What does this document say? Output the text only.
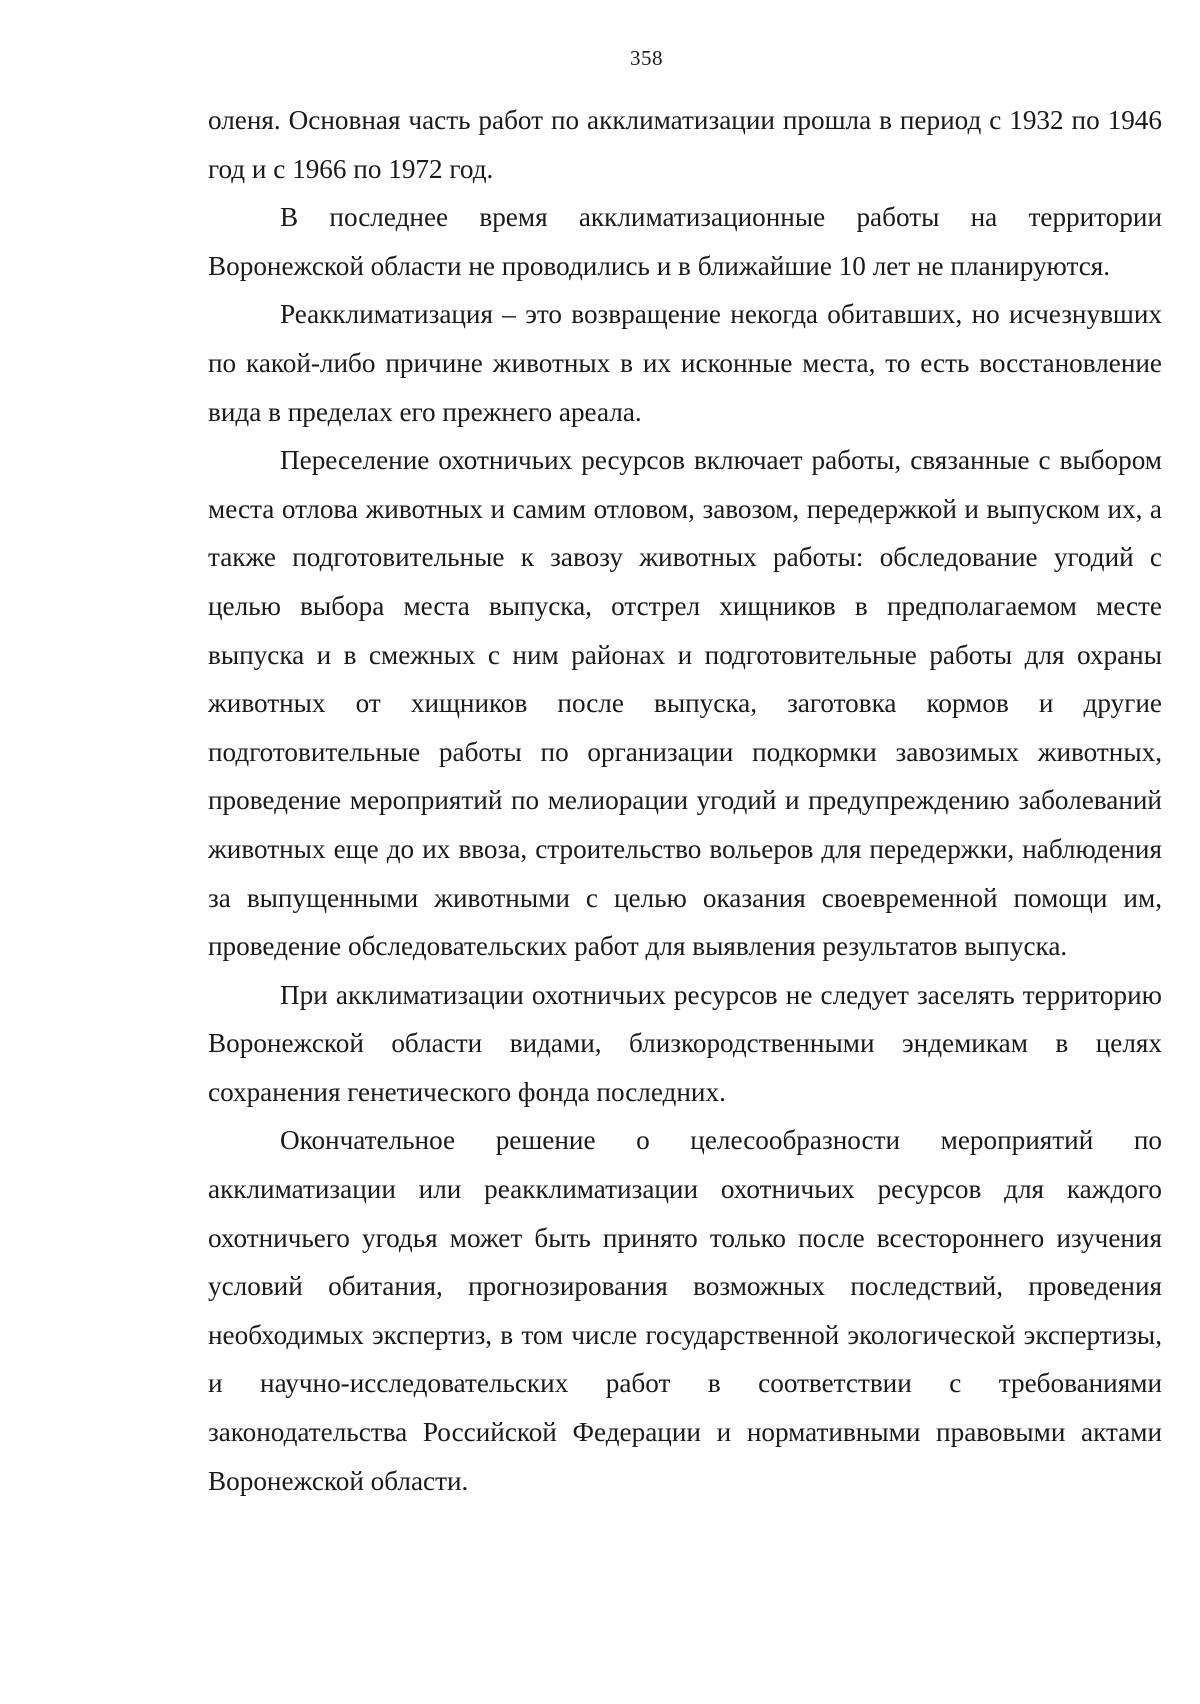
358

оленя. Основная часть работ по акклиматизации прошла в период с 1932 по 1946 год и с 1966 по 1972 год.

В последнее время акклиматизационные работы на территории Воронежской области не проводились и в ближайшие 10 лет не планируются.

Реакклиматизация – это возвращение некогда обитавших, но исчезнувших по какой-либо причине животных в их исконные места, то есть восстановление вида в пределах его прежнего ареала.

Переселение охотничьих ресурсов включает работы, связанные с выбором места отлова животных и самим отловом, завозом, передержкой и выпуском их, а также подготовительные к завозу животных работы: обследование угодий с целью выбора места выпуска, отстрел хищников в предполагаемом месте выпуска и в смежных с ним районах и подготовительные работы для охраны животных от хищников после выпуска, заготовка кормов и другие подготовительные работы по организации подкормки завозимых животных, проведение мероприятий по мелиорации угодий и предупреждению заболеваний животных еще до их ввоза, строительство вольеров для передержки, наблюдения за выпущенными животными с целью оказания своевременной помощи им, проведение обследовательских работ для выявления результатов выпуска.

При акклиматизации охотничьих ресурсов не следует заселять территорию Воронежской области видами, близкородственными эндемикам в целях сохранения генетического фонда последних.

Окончательное решение о целесообразности мероприятий по акклиматизации или реакклиматизации охотничьих ресурсов для каждого охотничьего угодья может быть принято только после всестороннего изучения условий обитания, прогнозирования возможных последствий, проведения необходимых экспертиз, в том числе государственной экологической экспертизы, и научно-исследовательских работ в соответствии с требованиями законодательства Российской Федерации и нормативными правовыми актами Воронежской области.
